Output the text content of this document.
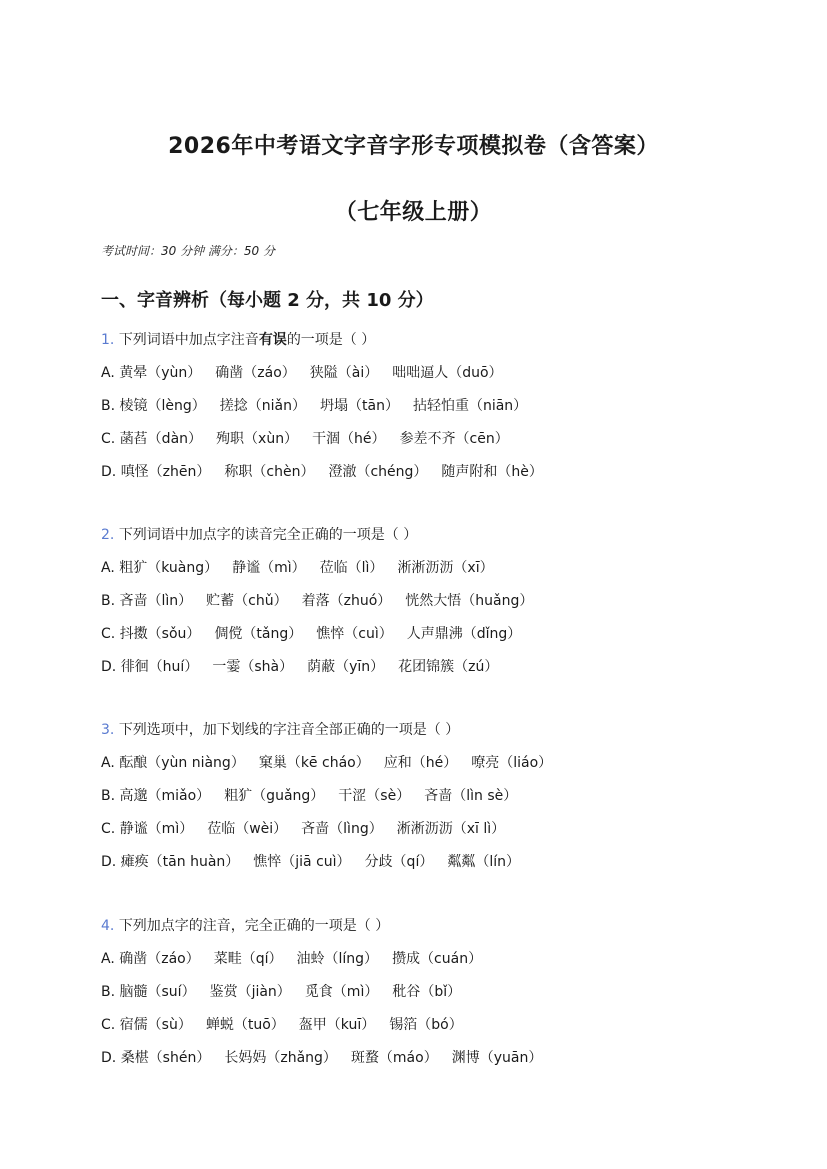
2026年中考语文字音字形专项模拟卷（含答案）
（七年级上册）
考试时间：30 分钟 满分：50 分
一、字音辨析（每小题 2 分，共 10 分）
1. 下列词语中加点字注音有误的一项是（ ）
A. 黄晕（yùn） 确凿（záo） 狭隘（ài） 咄咄逼人（duō）
B. 棱镜（lèng） 搓捻（niǎn） 坍塌（tān） 拈轻怕重（niān）
C. 菡萏（dàn） 殉职（xùn） 干涸（hé） 参差不齐（cēn）
D. 嗔怪（zhēn） 称职（chèn） 澄澈（chéng） 随声附和（hè）
2. 下列词语中加点字的读音完全正确的一项是（ ）
A. 粗犷（kuàng） 静谧（mì） 莅临（lì） 淅淅沥沥（xī）
B. 吝啬（lìn） 贮蓄（chǔ） 着落（zhuó） 恍然大悟（huǎng）
C. 抖擞（sǒu） 倜傥（tǎng） 憔悴（cuì） 人声鼎沸（dǐng）
D. 徘徊（huí） 一霎（shà） 荫蔽（yīn） 花团锦簇（zú）
3. 下列选项中，加下划线的字注音全部正确的一项是（ ）
A. 酝酿（yùn niàng） 窠巢（kē cháo） 应和（hé） 嘹亮（liáo）
B. 高邈（miǎo） 粗犷（guǎng） 干涩（sè） 吝啬（lìn sè）
C. 静谧（mì） 莅临（wèi） 吝啬（lìng） 淅淅沥沥（xī lì）
D. 瘫痪（tān huàn） 憔悴（jiā cuì） 分歧（qí） 粼粼（lín）
4. 下列加点字的注音，完全正确的一项是（ ）
A. 确凿（záo） 菜畦（qí） 油蛉（líng） 攒成（cuán）
B. 脑髓（suí） 鉴赏（jiàn） 觅食（mì） 秕谷（bǐ）
C. 宿儒（sù） 蝉蜕（tuō） 盔甲（kuī） 锡箔（bó）
D. 桑椹（shén） 长妈妈（zhǎng） 斑蝥（máo） 渊博（yuān）
